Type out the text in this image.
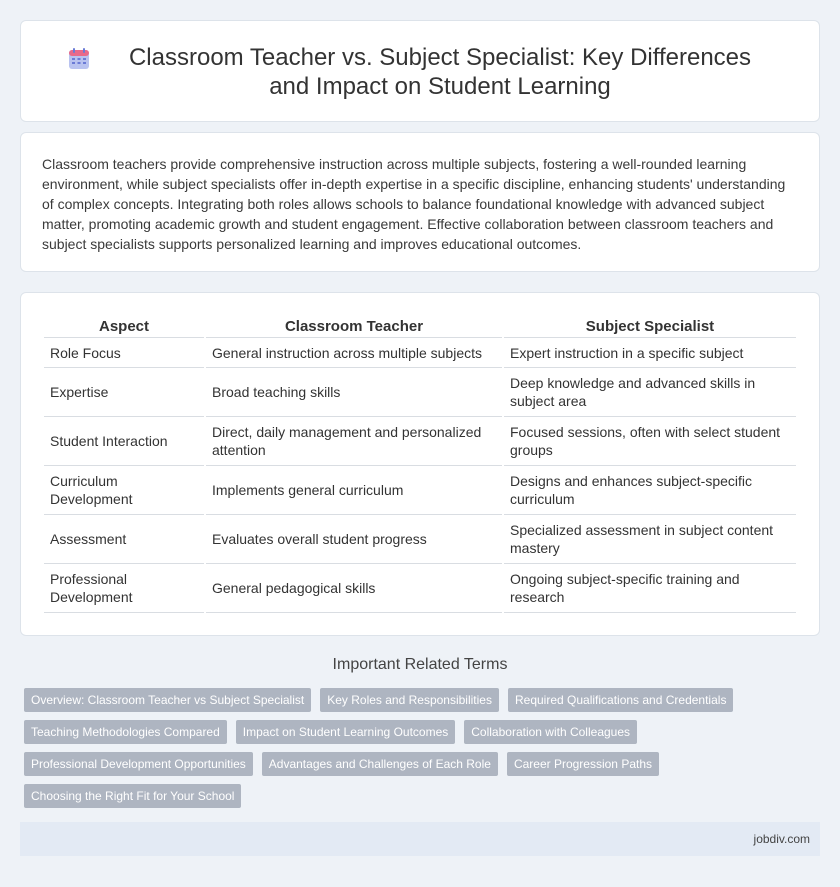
Classroom Teacher vs. Subject Specialist: Key Differences and Impact on Student Learning

Classroom teachers provide comprehensive instruction across multiple subjects, fostering a well-rounded learning environment, while subject specialists offer in-depth expertise in a specific discipline, enhancing students' understanding of complex concepts. Integrating both roles allows schools to balance foundational knowledge with advanced subject matter, promoting academic growth and student engagement. Effective collaboration between classroom teachers and subject specialists supports personalized learning and improves educational outcomes.

Aspect	Classroom Teacher	Subject Specialist
Role Focus	General instruction across multiple subjects	Expert instruction in a specific subject
Expertise	Broad teaching skills	Deep knowledge and advanced skills in subject area
Student Interaction	Direct, daily management and personalized attention	Focused sessions, often with select student groups
Curriculum Development	Implements general curriculum	Designs and enhances subject-specific curriculum
Assessment	Evaluates overall student progress	Specialized assessment in subject content mastery
Professional Development	General pedagogical skills	Ongoing subject-specific training and research
Important Related Terms
Overview: Classroom Teacher vs Subject Specialist	Key Roles and Responsibilities	Required Qualifications and Credentials
Teaching Methodologies Compared	Impact on Student Learning Outcomes	Collaboration with Colleagues
Professional Development Opportunities	Advantages and Challenges of Each Role	Career Progression Paths
Choosing the Right Fit for Your School
jobdiv.com
